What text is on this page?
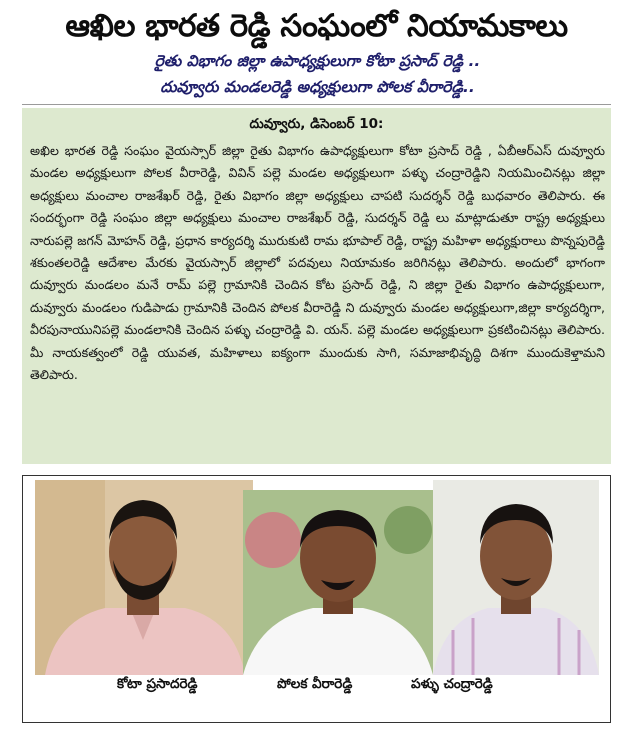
ఆఖిల భారత రెడ్డి సంఘంలో నియామకాలు
రైతు విభాగం జిల్లా ఉపాధ్యక్షులుగా కోటా ప్రసాద్ రెడ్డి ..
దువ్వూరు మండలరెడ్డి అధ్యక్షులుగా పోలక వీరారెడ్డి..
దువ్వూరు, డిసెంబర్ 10:
అఖిల భారత రెడ్డి సంఘం వైయస్సార్ జిల్లా రైతు విభాగం ఉపాధ్యక్షులుగా కోటా ప్రసాద్ రెడ్డి , ఏబీఆర్ఎస్ దువ్వూరు మండల అధ్యక్షులుగా పోలక వీరారెడ్డి, వివిన్ పల్లె మండల అధ్యక్షులుగా పళ్ళు చంద్రారెడ్డిని నియమించినట్లు జిల్లా అధ్యక్షులు మంచాల రాజశేఖర్ రెడ్డి, రైతు విభాగం జిల్లా అధ్యక్షులు చాపటి సుదర్శన్ రెడ్డి బుధవారం తెలిపారు. ఈ సందర్భంగా రెడ్డి సంఘం జిల్లా అధ్యక్షులు మంచాల రాజశేఖర్ రెడ్డి, సుదర్శన్ రెడ్డి లు మాట్లాడుతూ రాష్ట్ర అధ్యక్షులు నారుపల్లె జగన్ మోహన్ రెడ్డి, ప్రధాన కార్యదర్శి మురుకుటి రామ భూపాల్ రెడ్డి, రాష్ట్ర మహిళా అధ్యక్షురాలు పొన్నపురెడ్డి శకుంతలరెడ్డి ఆదేశాల మేరకు వైయస్సార్ జిల్లాలో పదవులు నియామకం జరిగినట్లు తెలిపారు. అందులో భాగంగా దువ్వూరు మండలం మనే రామ్ పల్లె గ్రామానికి చెందిన కోట ప్రసాద్ రెడ్డి, ని జిల్లా రైతు విభాగం ఉపాధ్యక్షులుగా, దువ్వూరు మండలం గుడిపాడు గ్రామానికి చెందిన పోలక వీరారెడ్డి ని దువ్వూరు మండల అధ్యక్షులుగా,జిల్లా కార్యదర్శిగా, వీరపునాయునిపల్లె మండలానికి చెందిన పళ్ళు చంద్రారెడ్డి వి. యన్. పల్లె మండల అధ్యక్షులుగా ప్రకటించినట్లు తెలిపారు. మీ నాయకత్వంలో రెడ్డి యువత, మహిళాలు ఐక్యంగా ముందుకు సాగి, సమాజాభివృద్ధి దిశగా ముందుకెళ్తామని తెలిపారు.
కోటా ప్రసాదరెడ్డి	పోలక వీరారెడ్డి	పళ్ళు చంద్రారెడ్డి
